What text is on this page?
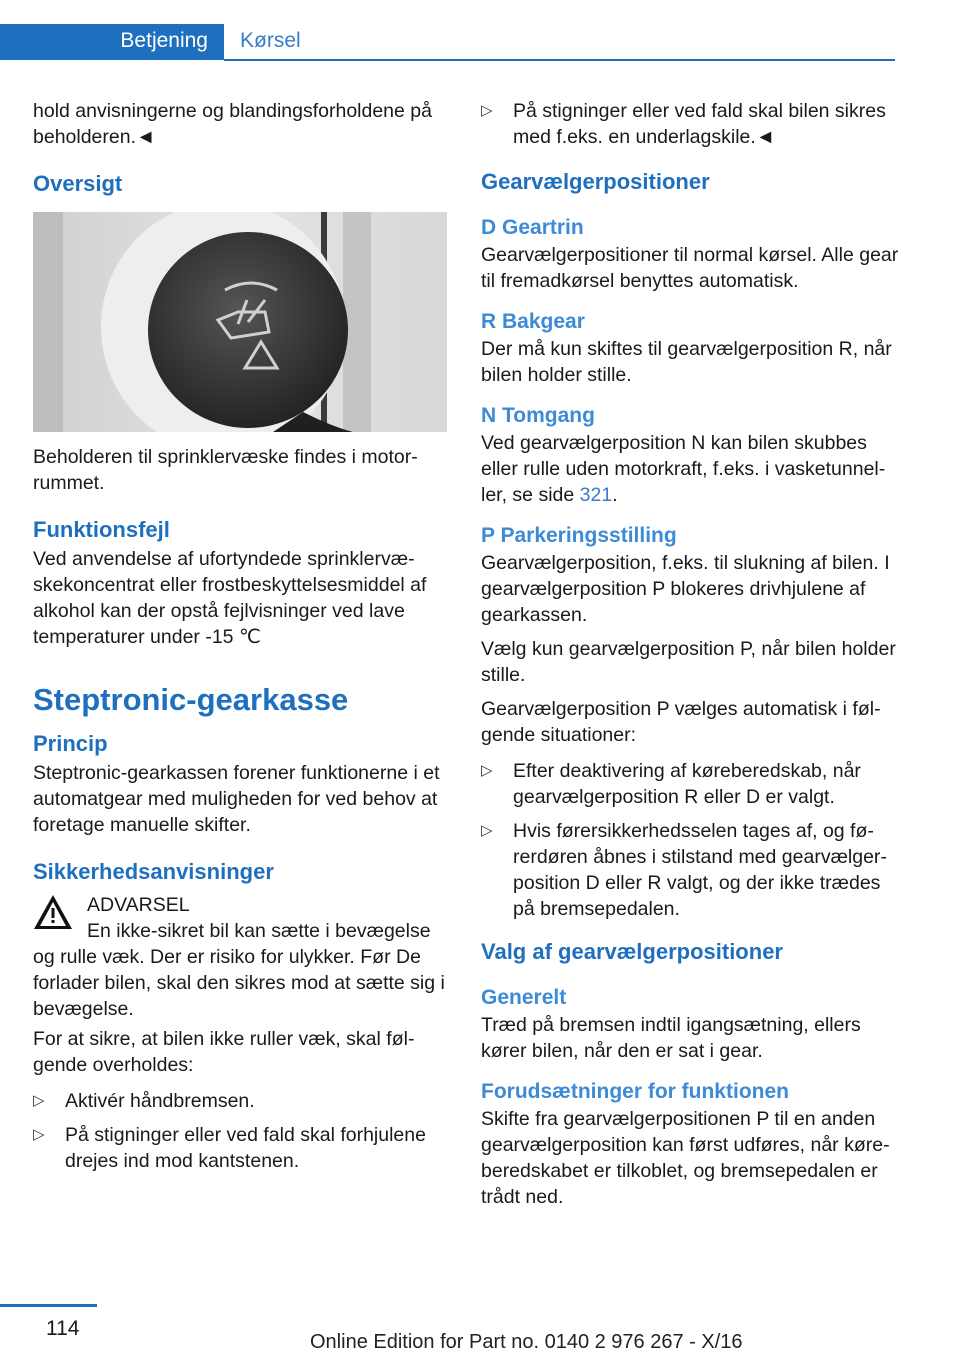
Betjening Kørsel

hold anvisningerne og blandingsforholdene på beholderen.◄

Oversigt

Beholderen til sprinklervæske findes i motorrummet.

Funktionsfejl

Ved anvendelse af ufortyndede sprinklervæskekoncentrat eller frostbeskyttelsesmiddel af alkohol kan der opstå fejlvisninger ved lave temperaturer under -15 ℃

Steptronic-gearkasse
Princip

Steptronic-gearkassen forener funktionerne i et automatgear med muligheden for ved behov at foretage manuelle skifter.

Sikkerhedsanvisninger

ADVARSEL

En ikke-sikret bil kan sætte i bevægelse og rulle væk. Der er risiko for ulykker. Før De forlader bilen, skal den sikres mod at sætte sig i bevægelse.

For at sikre, at bilen ikke ruller væk, skal følgende overholdes:

▷ Aktivér håndbremsen.
▷ På stigninger eller ved fald skal forhjulene drejes ind mod kantstenen.
▷ På stigninger eller ved fald skal bilen sikres med f.eks. en underlagskile.◄
Gearvælgerpositioner
D Geartrin

Gearvælgerpositioner til normal kørsel. Alle gear til fremadkørsel benyttes automatisk.

R Bakgear

Der må kun skiftes til gearvælgerposition R, når bilen holder stille.

N Tomgang

Ved gearvælgerposition N kan bilen skubbes eller rulle uden motorkraft, f.eks. i vasketunneller, se side 321.

P Parkeringsstilling

Gearvælgerposition, f.eks. til slukning af bilen. I gearvælgerposition P blokeres drivhjulene af gearkassen.

Vælg kun gearvælgerposition P, når bilen holder stille.

Gearvælgerposition P vælges automatisk i følgende situationer:

▷ Efter deaktivering af køreberedskab, når gearvælgerposition R eller D er valgt.
▷ Hvis førersikkerhedsselen tages af, og førerdøren åbnes i stilstand med gearvælgerposition D eller R valgt, og der ikke trædes på bremsepedalen.
Valg af gearvælgerpositioner
Generelt

Træd på bremsen indtil igangsætning, ellers kører bilen, når den er sat i gear.

Forudsætninger for funktionen

Skifte fra gearvælgerpositionen P til en anden gearvælgerposition kan først udføres, når køreberedskabet er tilkoblet, og bremsepedalen er trådt ned.

114
Online Edition for Part no. 0140 2 976 267 - X/16
